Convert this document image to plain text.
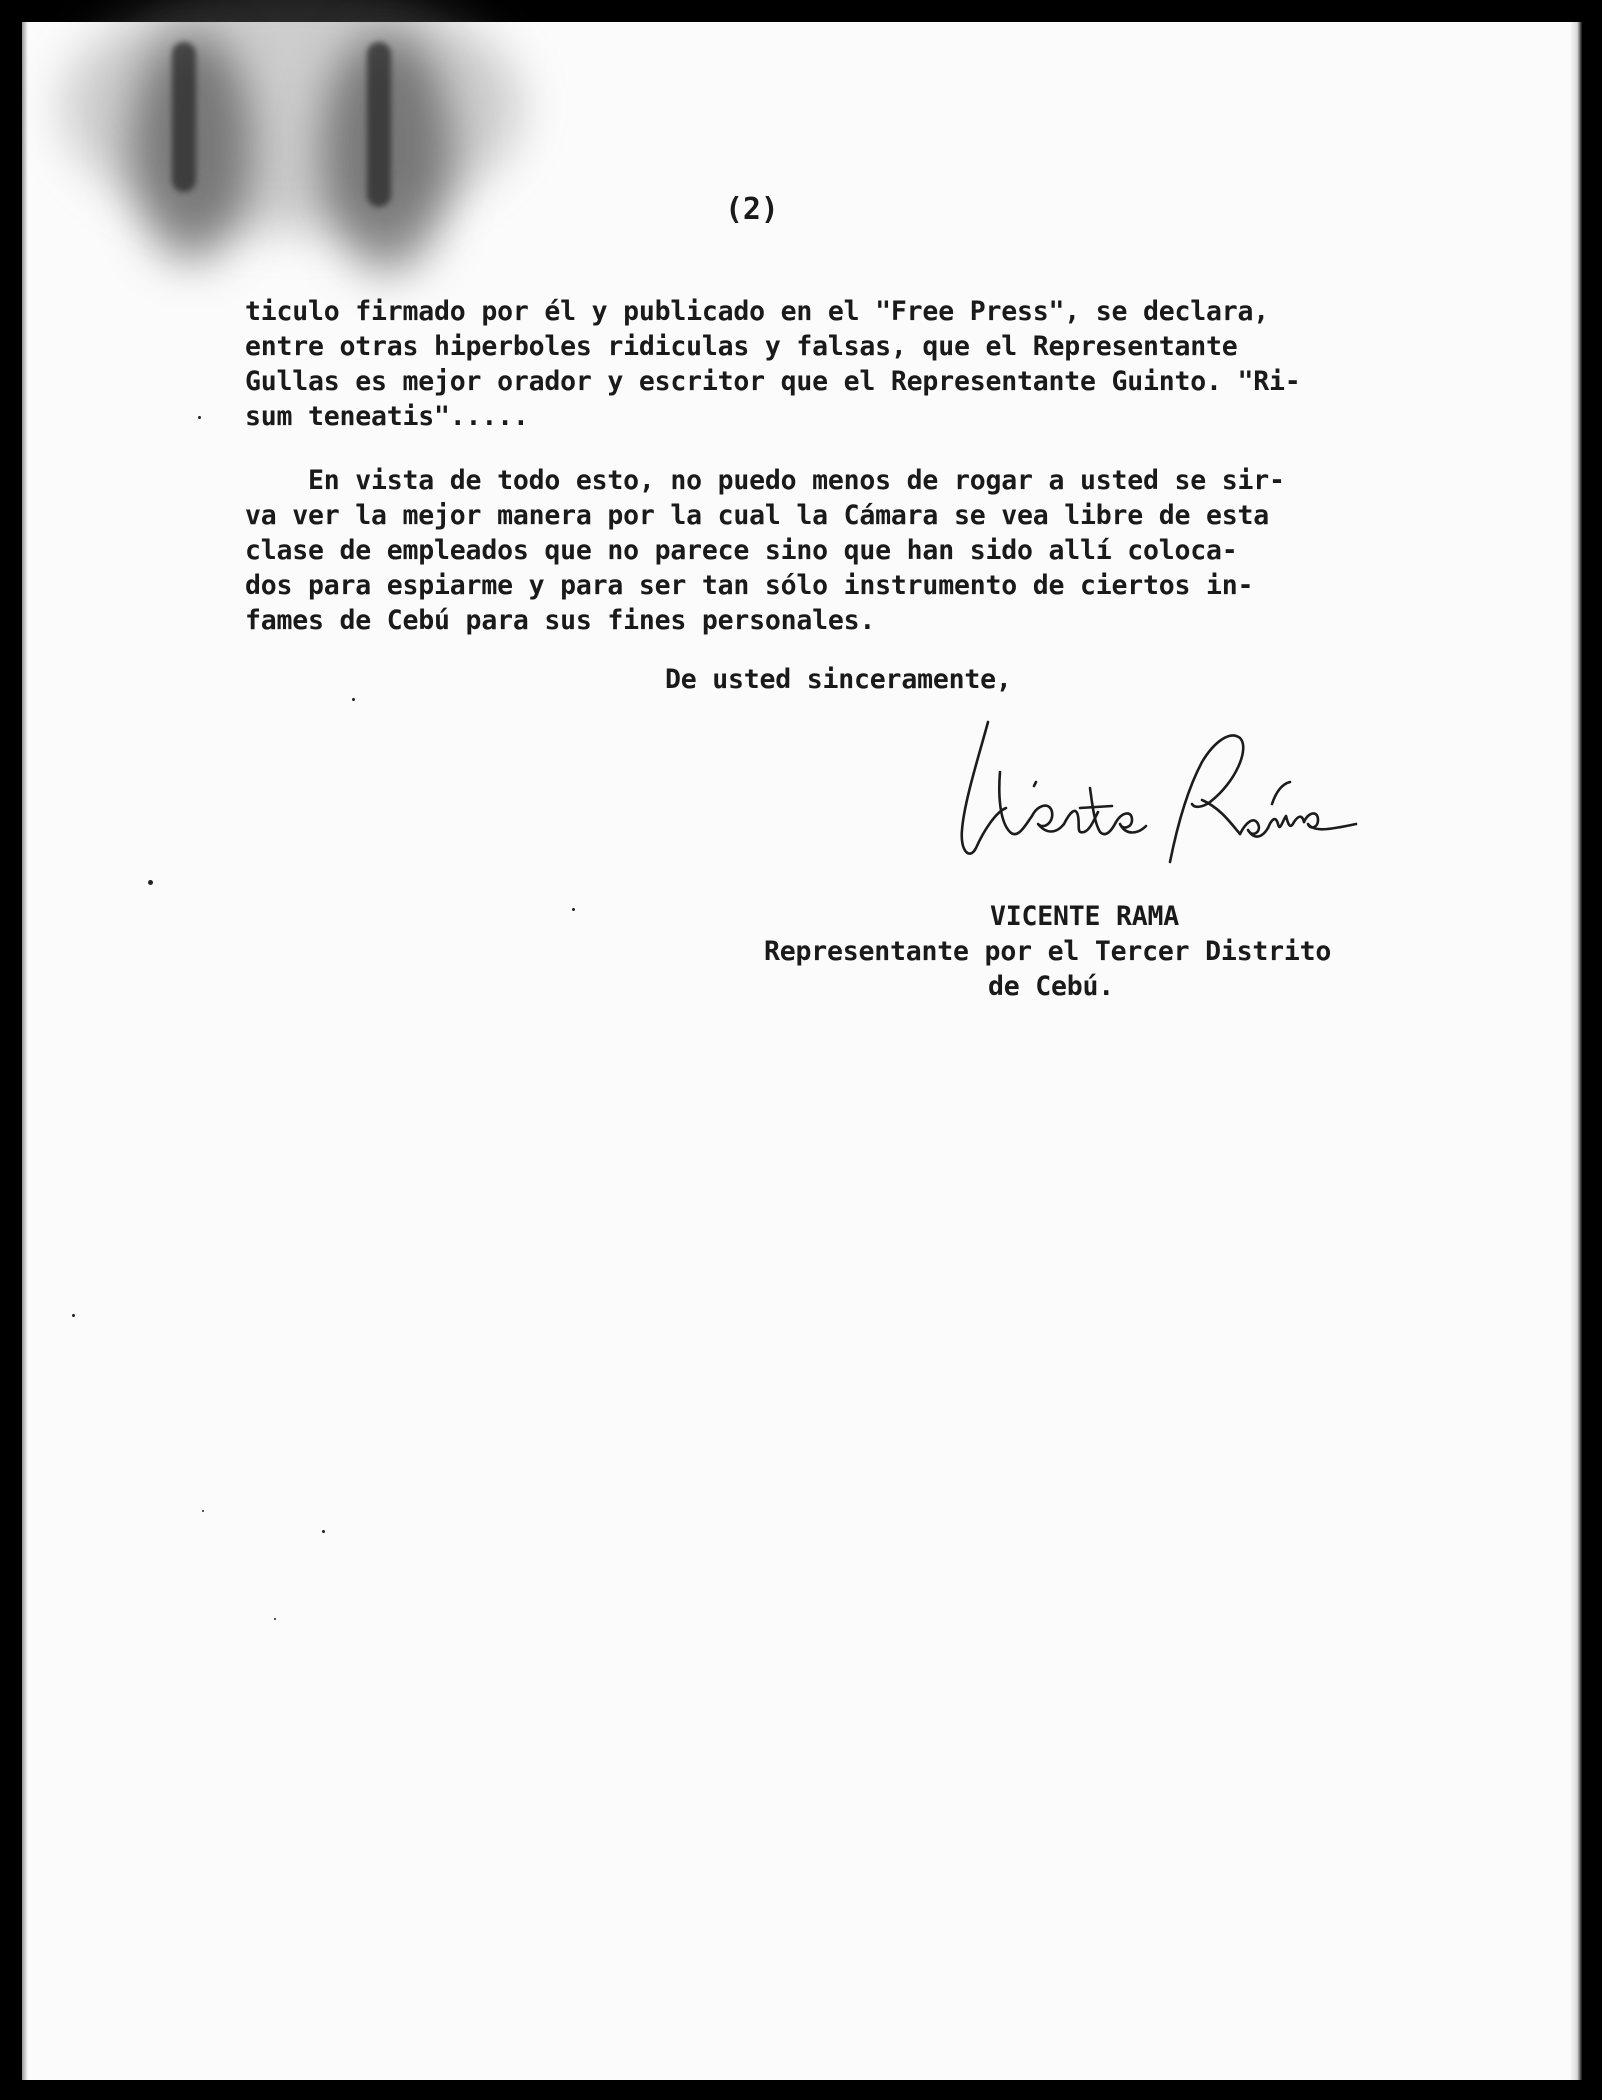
(2)

ticulo firmado por él y publicado en el "Free Press", se declara,

entre otras hiperboles ridiculas y falsas, que el Representante

Gullas es mejor orador y escritor que el Representante Guinto. "Ri-

sum teneatis".....

En vista de todo esto, no puedo menos de rogar a usted se sir-

va ver la mejor manera por la cual la Cámara se vea libre de esta

clase de empleados que no parece sino que han sido allí coloca-

dos para espiarme y para ser tan sólo instrumento de ciertos in-

fames de Cebú para sus fines personales.

De usted sinceramente,

Vicente Rama

VICENTE RAMA

Representante por el Tercer Distrito

de Cebú.
